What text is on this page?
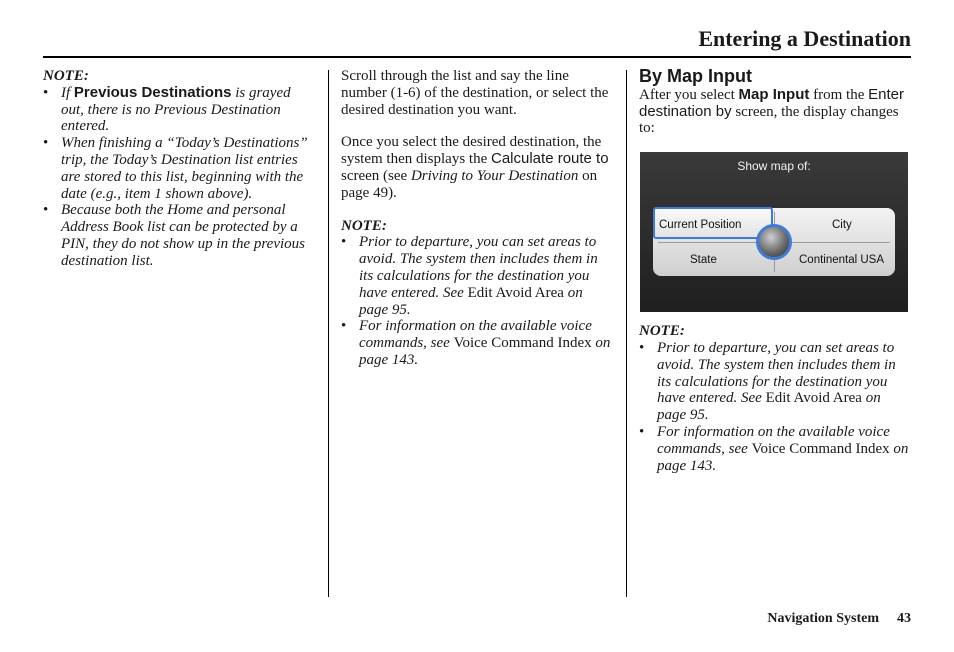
Entering a Destination

NOTE:

• If Previous Destinations is grayed out, there is no Previous Destination entered.
• When finishing a “Today’s Destinations” trip, the Today’s Destination list entries are stored to this list, beginning with the date (e.g., item 1 shown above).
• Because both the Home and personal Address Book list can be protected by a PIN, they do not show up in the previous destination list.

Scroll through the list and say the line number (1-6) of the destination, or select the desired destination you want.

Once you select the desired destination, the system then displays the Calculate route to screen (see Driving to Your Destination on page 49).

NOTE:

• Prior to departure, you can set areas to avoid. The system then includes them in its calculations for the destination you have entered. See Edit Avoid Area on page 95.
• For information on the available voice commands, see Voice Command Index on page 143.

By Map Input

After you select Map Input from the Enter destination by screen, the display changes to:

Show map of:
Current Position	City
State	Continental USA

NOTE:

• Prior to departure, you can set areas to avoid. The system then includes them in its calculations for the destination you have entered. See Edit Avoid Area on page 95.
• For information on the available voice commands, see Voice Command Index on page 143.
Navigation System 43
